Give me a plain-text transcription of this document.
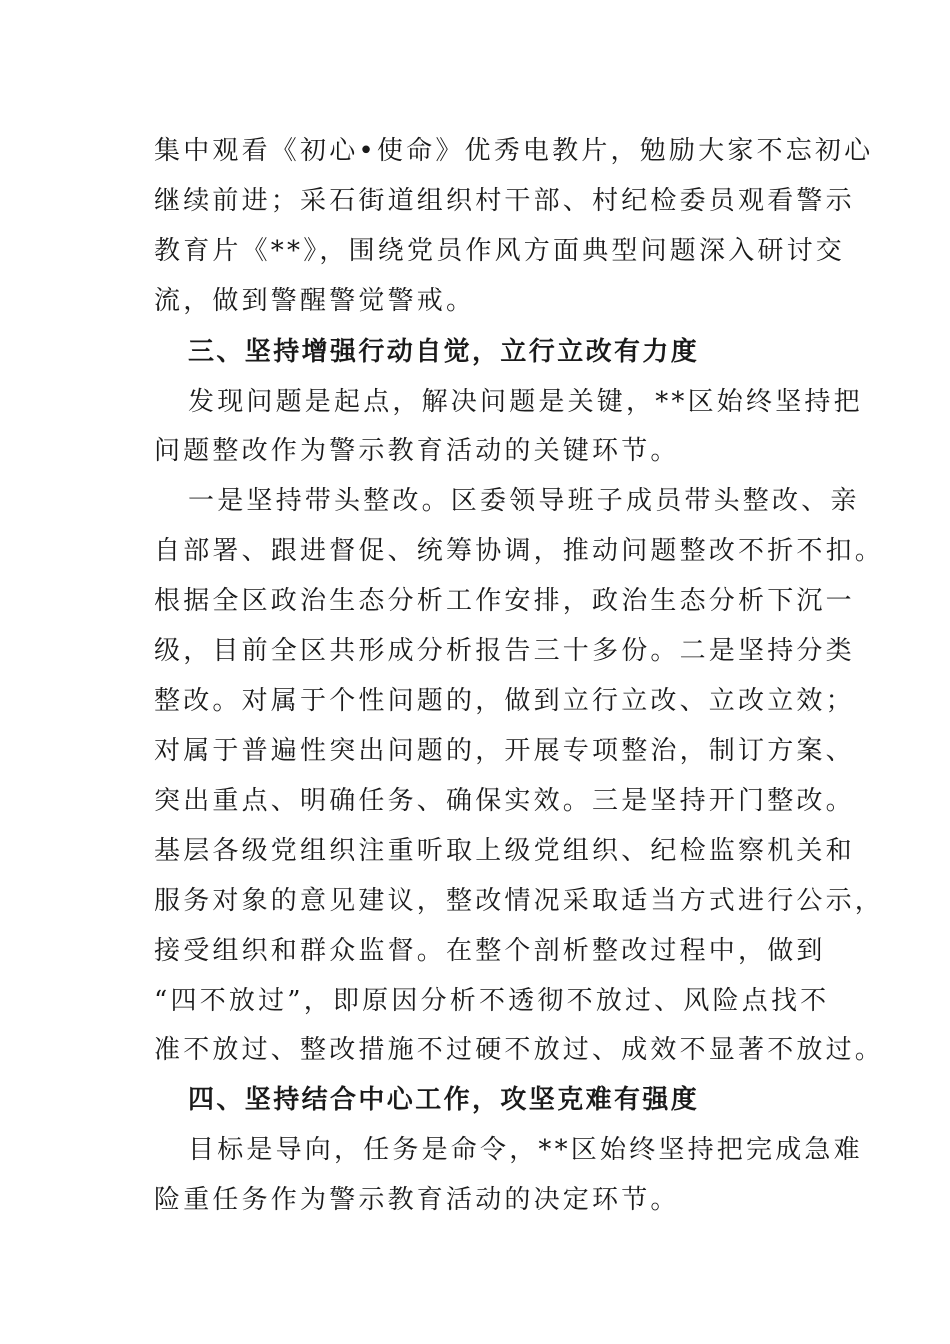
集中观看《初心•使命》优秀电教片，勉励大家不忘初心
继续前进；采石街道组织村干部、村纪检委员观看警示
教育片《**》，围绕党员作风方面典型问题深入研讨交
流，做到警醒警觉警戒。
三、坚持增强行动自觉，立行立改有力度
发现问题是起点，解决问题是关键，**区始终坚持把
问题整改作为警示教育活动的关键环节。
一是坚持带头整改。区委领导班子成员带头整改、亲
自部署、跟进督促、统筹协调，推动问题整改不折不扣。
根据全区政治生态分析工作安排，政治生态分析下沉一
级，目前全区共形成分析报告三十多份。二是坚持分类
整改。对属于个性问题的，做到立行立改、立改立效；
对属于普遍性突出问题的，开展专项整治，制订方案、
突出重点、明确任务、确保实效。三是坚持开门整改。
基层各级党组织注重听取上级党组织、纪检监察机关和
服务对象的意见建议，整改情况采取适当方式进行公示，
接受组织和群众监督。在整个剖析整改过程中，做到
“四不放过”，即原因分析不透彻不放过、风险点找不
准不放过、整改措施不过硬不放过、成效不显著不放过。
四、坚持结合中心工作，攻坚克难有强度
目标是导向，任务是命令，**区始终坚持把完成急难
险重任务作为警示教育活动的决定环节。
